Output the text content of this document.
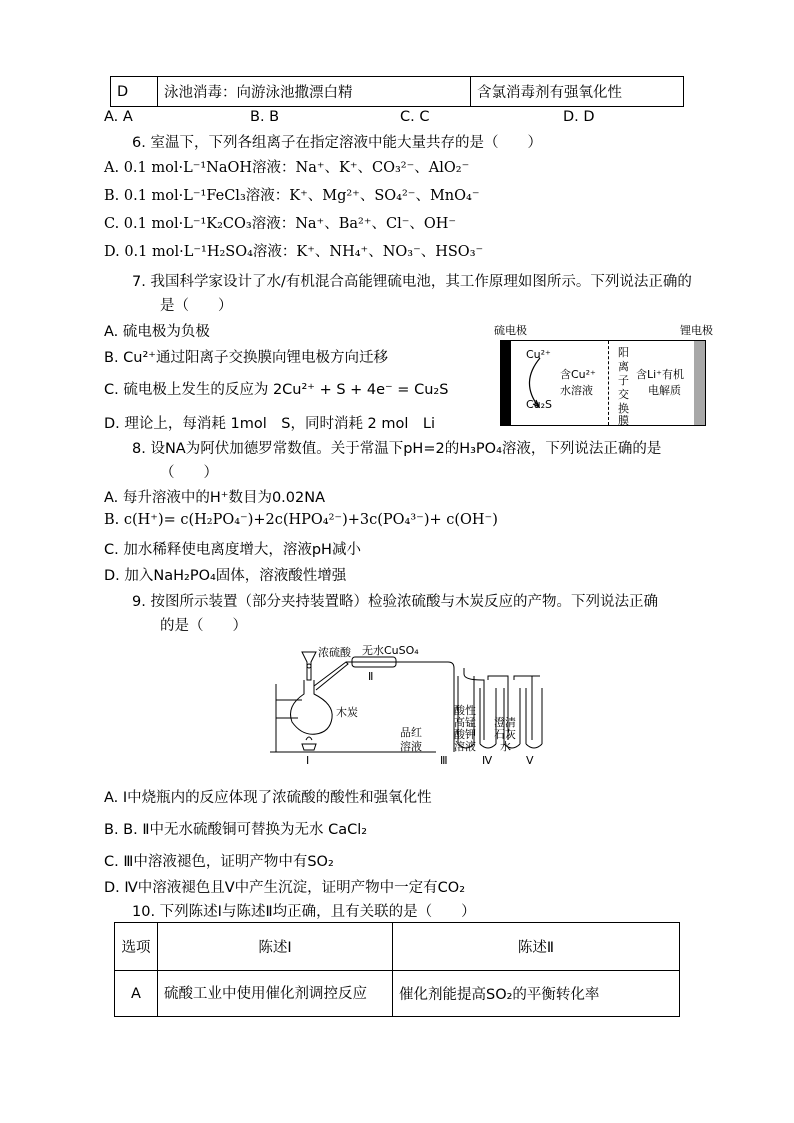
D	泳池消毒：向游泳池撒漂白精	含氯消毒剂有强氧化性
A. A	B. B	C. C	D. D
6. 室温下，下列各组离子在指定溶液中能大量共存的是（　　）
A. 0.1 mol·L⁻¹NaOH溶液：Na⁺、K⁺、CO₃²⁻、AlO₂⁻
B. 0.1 mol·L⁻¹FeCl₃溶液：K⁺、Mg²⁺、SO₄²⁻、MnO₄⁻
C. 0.1 mol·L⁻¹K₂CO₃溶液：Na⁺、Ba²⁺、Cl⁻、OH⁻
D. 0.1 mol·L⁻¹H₂SO₄溶液：K⁺、NH₄⁺、NO₃⁻、HSO₃⁻
7. 我国科学家设计了水/有机混合高能锂硫电池，其工作原理如图所示。下列说法正确的
是（　　）
A. 硫电极为负极
B. Cu²⁺通过阳离子交换膜向锂电极方向迁移
C. 硫电极上发生的反应为 2Cu²⁺ + S + 4e⁻ = Cu₂S
D. 理论上，每消耗 1mol　S，同时消耗 2 mol　Li
硫电极	锂电极
Cu²⁺
Cu₂S
含Cu²⁺
水溶液
阳
离
子
交
换
膜
含Li⁺有机
电解质
8. 设NA为阿伏加德罗常数值。关于常温下pH=2的H₃PO₄溶液，下列说法正确的是
（　　）
A. 每升溶液中的H⁺数目为0.02NA
B. c(H⁺)= c(H₂PO₄⁻)+2c(HPO₄²⁻)+3c(PO₄³⁻)+ c(OH⁻)
C. 加水稀释使电离度增大，溶液pH减小
D. 加入NaH₂PO₄固体，溶液酸性增强
9. 按图所示装置（部分夹持装置略）检验浓硫酸与木炭反应的产物。下列说法正确
的是（　　）
浓硫酸 无水CuSO₄
木炭
Ⅰ
Ⅱ
Ⅲ	Ⅳ	Ⅴ
品红
溶液
酸性
高锰
酸钾
溶液
澄清
石灰
水
A. Ⅰ中烧瓶内的反应体现了浓硫酸的酸性和强氧化性
B. B. Ⅱ中无水硫酸铜可替换为无水 CaCl₂
C. Ⅲ中溶液褪色，证明产物中有SO₂
D. Ⅳ中溶液褪色且Ⅴ中产生沉淀，证明产物中一定有CO₂
10. 下列陈述Ⅰ与陈述Ⅱ均正确，且有关联的是（　　）
选项	陈述Ⅰ	陈述Ⅱ
A	硫酸工业中使用催化剂调控反应	催化剂能提高SO₂的平衡转化率
